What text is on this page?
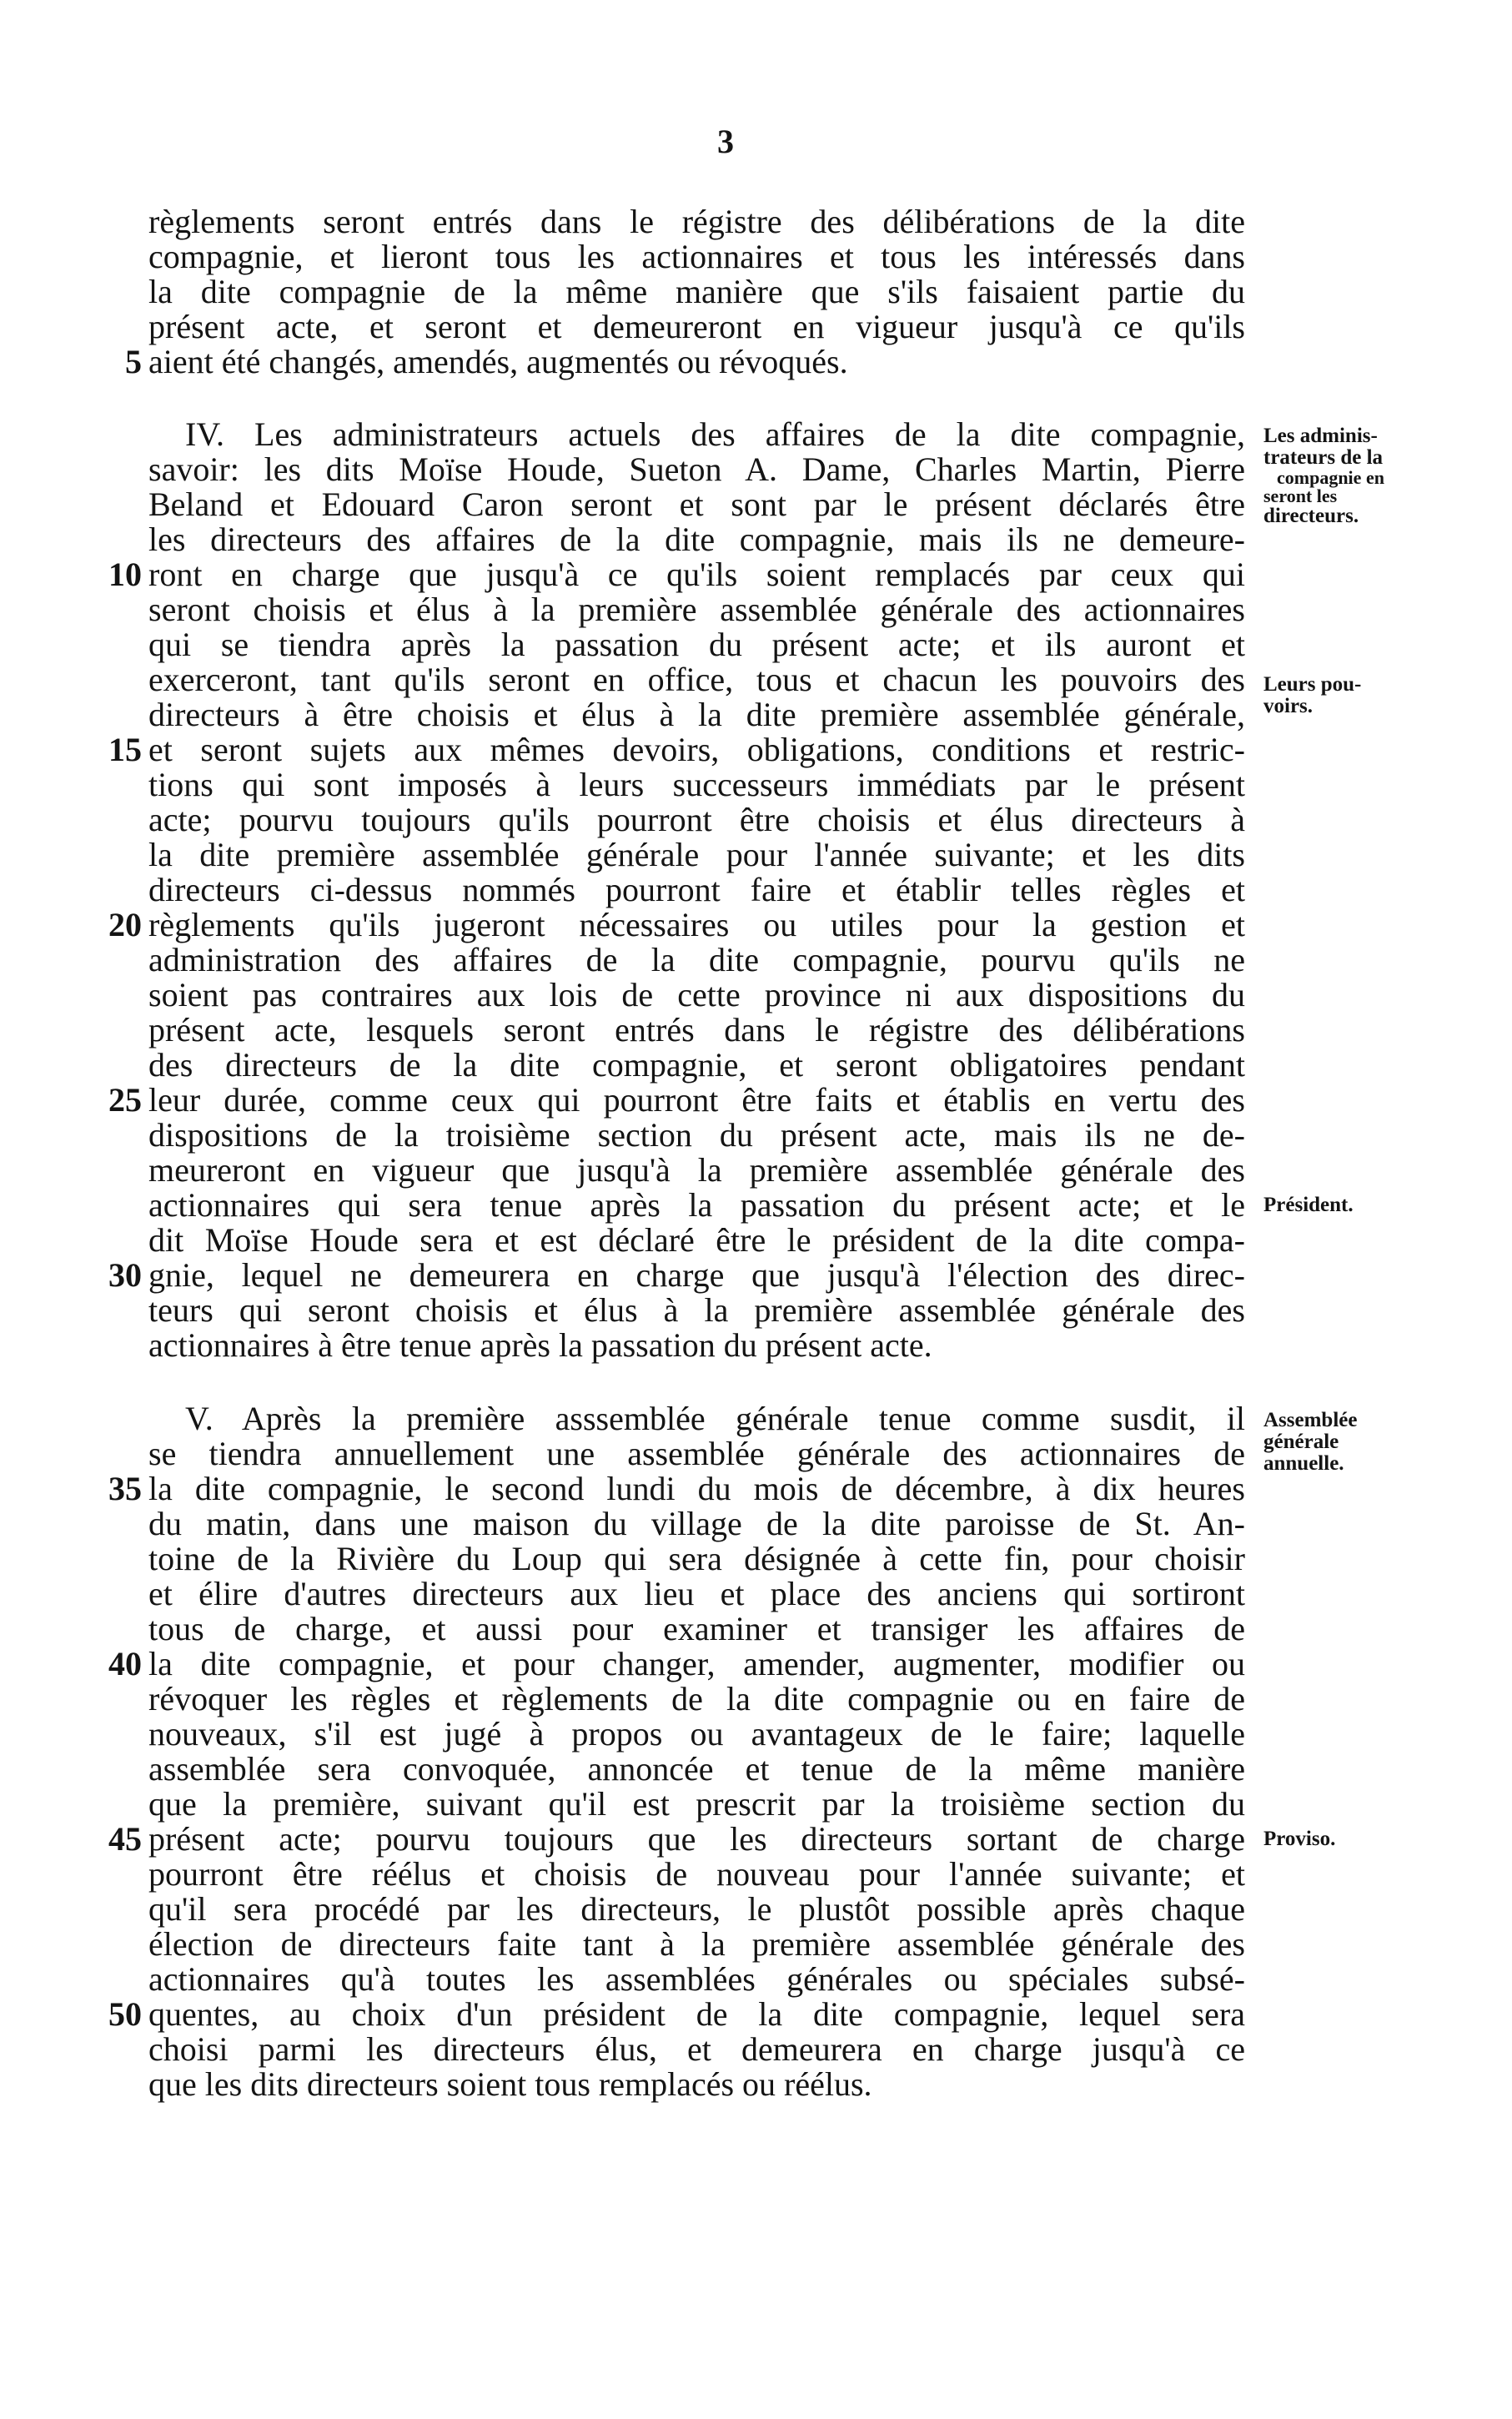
3
règlements seront entrés dans le régistre des délibérations de la dite
compagnie, et lieront tous les actionnaires et tous les intéressés dans
la dite compagnie de la même manière que s'ils faisaient partie du
présent acte, et seront et demeureront en vigueur jusqu'à ce qu'ils
aient été changés, amendés, augmentés ou révoqués.
IV. Les administrateurs actuels des affaires de la dite compagnie,
savoir: les dits Moïse Houde, Sueton A. Dame, Charles Martin, Pierre
Beland et Edouard Caron seront et sont par le présent déclarés être
les directeurs des affaires de la dite compagnie, mais ils ne demeure-
ront en charge que jusqu'à ce qu'ils soient remplacés par ceux qui
seront choisis et élus à la première assemblée générale des actionnaires
qui se tiendra après la passation du présent acte; et ils auront et
exerceront, tant qu'ils seront en office, tous et chacun les pouvoirs des
directeurs à être choisis et élus à la dite première assemblée générale,
et seront sujets aux mêmes devoirs, obligations, conditions et restric-
tions qui sont imposés à leurs successeurs immédiats par le présent
acte; pourvu toujours qu'ils pourront être choisis et élus directeurs à
la dite première assemblée générale pour l'année suivante; et les dits
directeurs ci-dessus nommés pourront faire et établir telles règles et
règlements qu'ils jugeront nécessaires ou utiles pour la gestion et
administration des affaires de la dite compagnie, pourvu qu'ils ne
soient pas contraires aux lois de cette province ni aux dispositions du
présent acte, lesquels seront entrés dans le régistre des délibérations
des directeurs de la dite compagnie, et seront obligatoires pendant
leur durée, comme ceux qui pourront être faits et établis en vertu des
dispositions de la troisième section du présent acte, mais ils ne de-
meureront en vigueur que jusqu'à la première assemblée générale des
actionnaires qui sera tenue après la passation du présent acte; et le
dit Moïse Houde sera et est déclaré être le président de la dite compa-
gnie, lequel ne demeurera en charge que jusqu'à l'élection des direc-
teurs qui seront choisis et élus à la première assemblée générale des
actionnaires à être tenue après la passation du présent acte.
V. Après la première asssemblée générale tenue comme susdit, il
se tiendra annuellement une assemblée générale des actionnaires de
la dite compagnie, le second lundi du mois de décembre, à dix heures
du matin, dans une maison du village de la dite paroisse de St. An-
toine de la Rivière du Loup qui sera désignée à cette fin, pour choisir
et élire d'autres directeurs aux lieu et place des anciens qui sortiront
tous de charge, et aussi pour examiner et transiger les affaires de
la dite compagnie, et pour changer, amender, augmenter, modifier ou
révoquer les règles et règlements de la dite compagnie ou en faire de
nouveaux, s'il est jugé à propos ou avantageux de le faire; laquelle
assemblée sera convoquée, annoncée et tenue de la même manière
que la première, suivant qu'il est prescrit par la troisième section du
présent acte; pourvu toujours que les directeurs sortant de charge
pourront être réélus et choisis de nouveau pour l'année suivante; et
qu'il sera procédé par les directeurs, le plustôt possible après chaque
élection de directeurs faite tant à la première assemblée générale des
actionnaires qu'à toutes les assemblées générales ou spéciales subsé-
quentes, au choix d'un président de la dite compagnie, lequel sera
choisi parmi les directeurs élus, et demeurera en charge jusqu'à ce
que les dits directeurs soient tous remplacés ou réélus.
5
10
15
20
25
30
35
40
45
50
Les adminis-
trateurs de la
compagnie en
seront les
directeurs.
Leurs pou-
voirs.
Président.
Assemblée
générale
annuelle.
Proviso.
